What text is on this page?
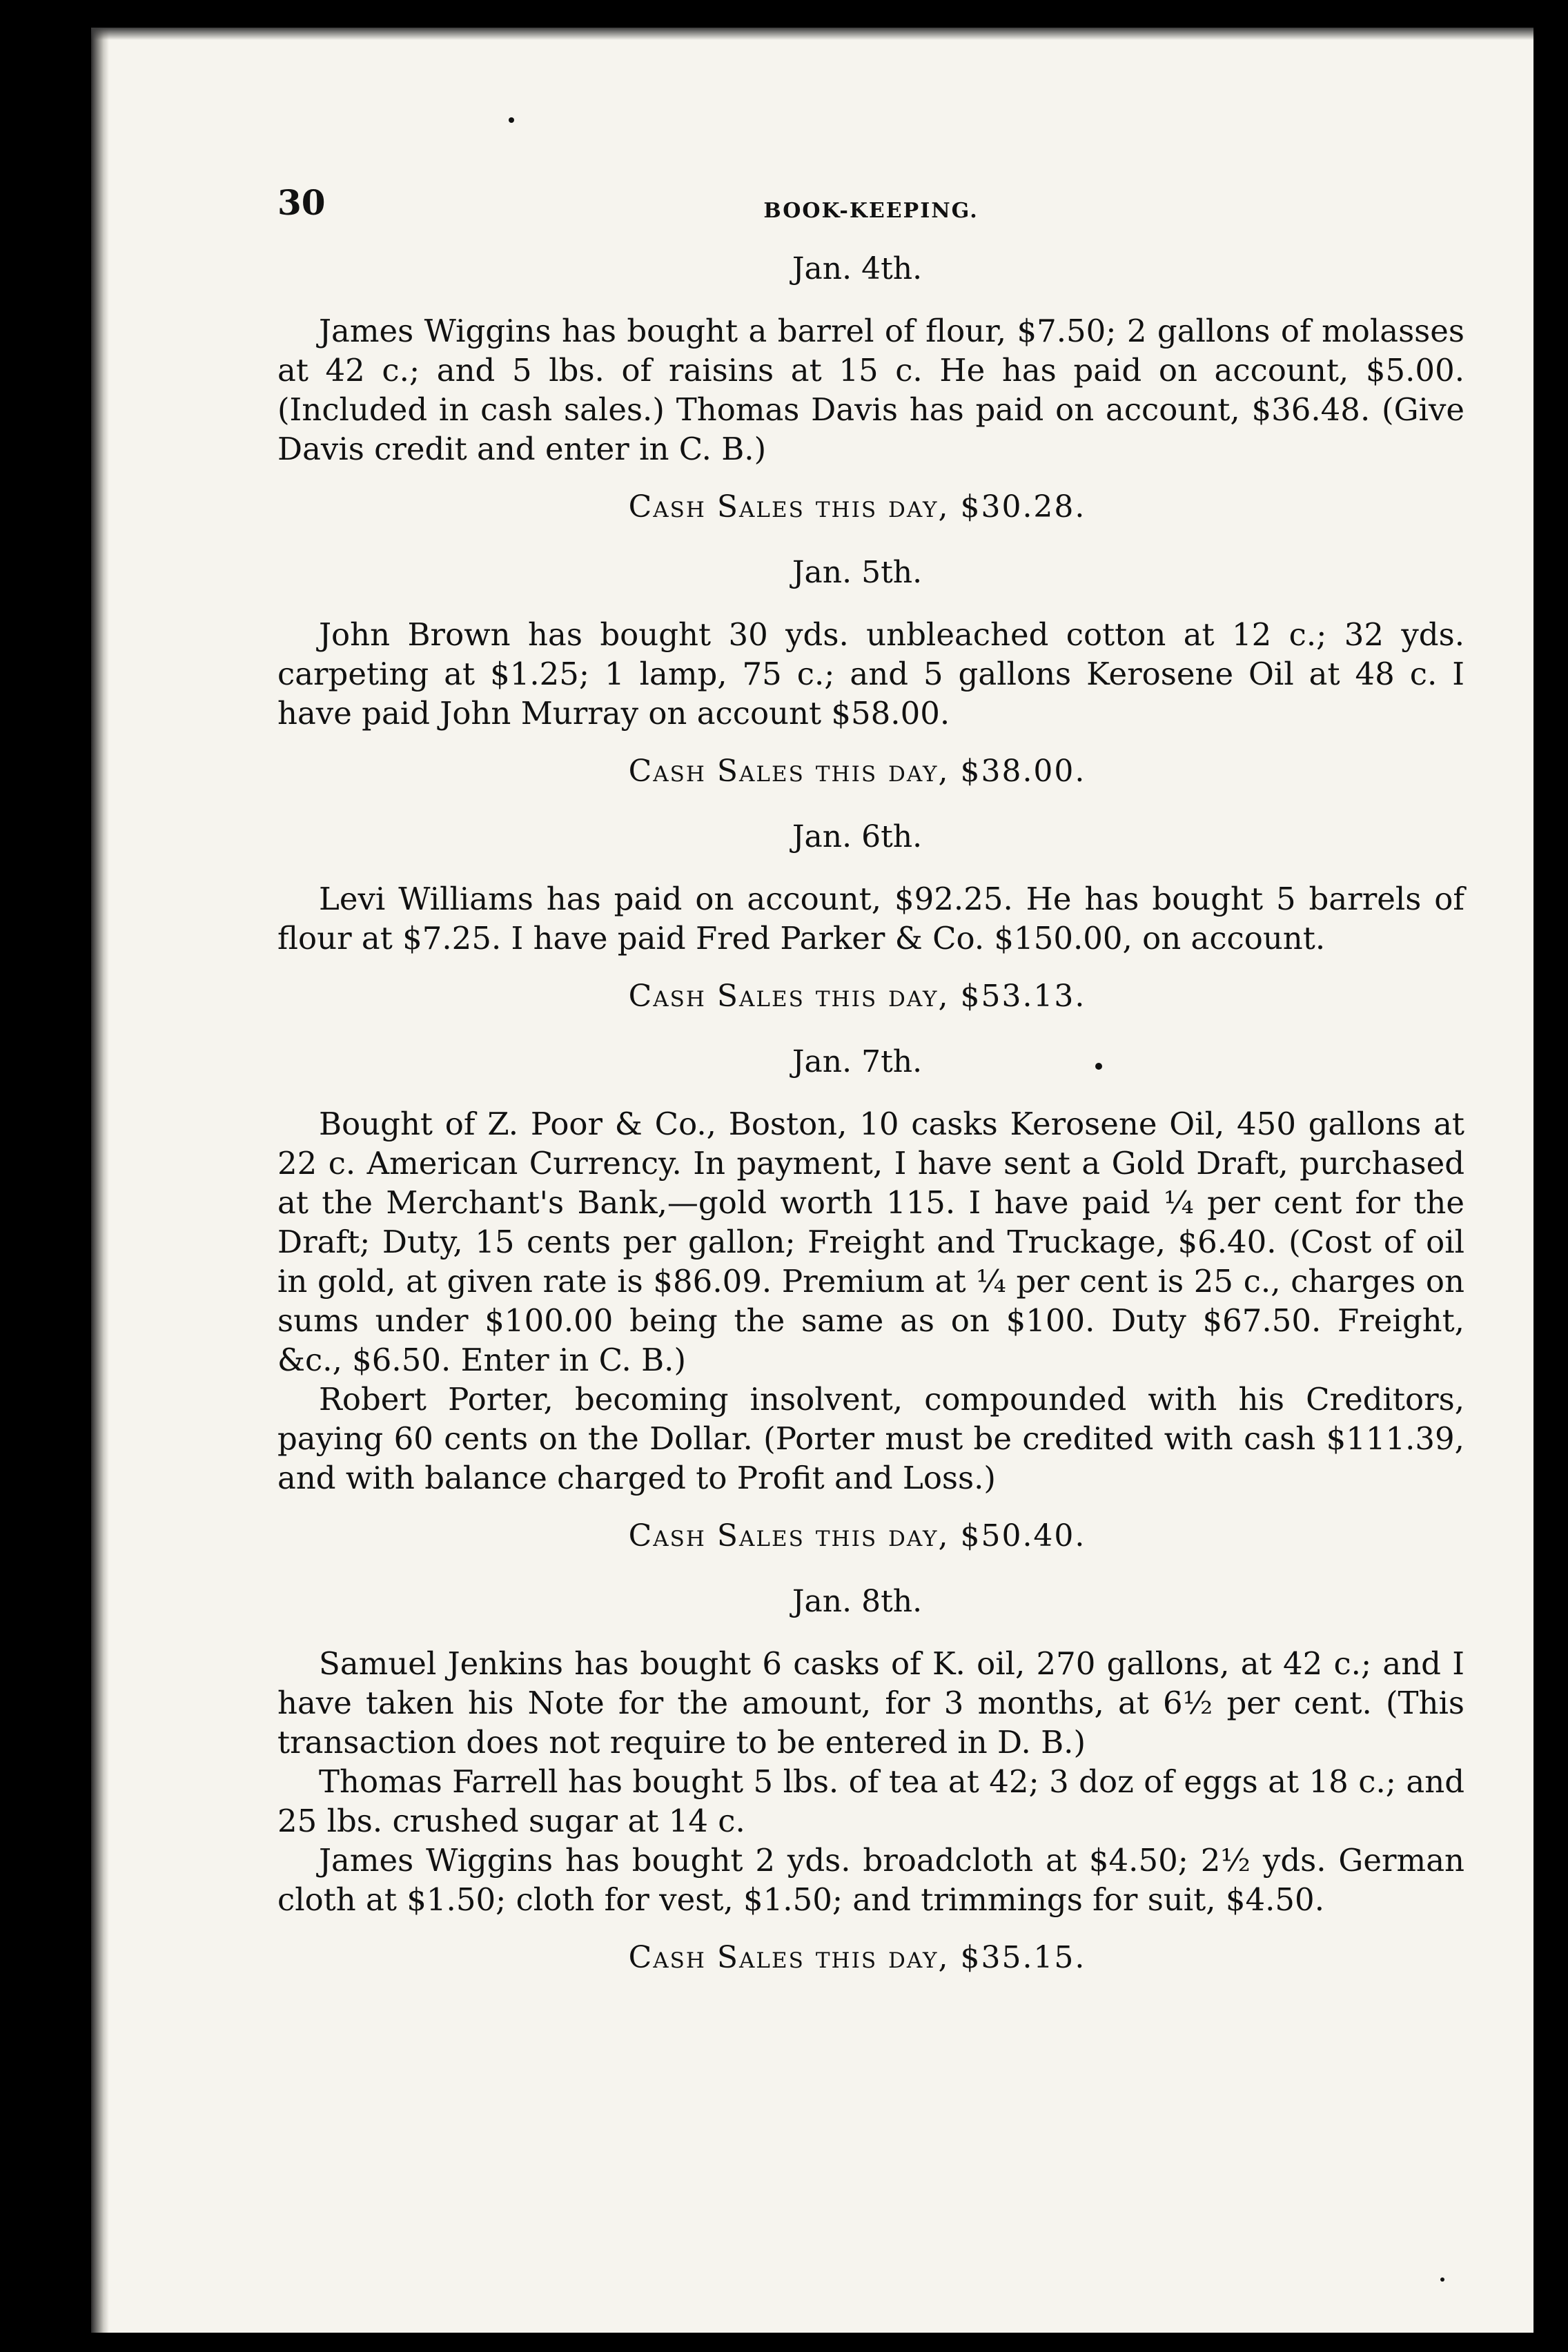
30	BOOK-KEEPING.
Jan. 4th.

James Wiggins has bought a barrel of flour, $7.50; 2 gallons of molasses at 42 c.; and 5 lbs. of raisins at 15 c. He has paid on account, $5.00. (Included in cash sales.) Thomas Davis has paid on account, $36.48. (Give Davis credit and enter in C. B.)

Cash Sales this day, $30.28.
Jan. 5th.

John Brown has bought 30 yds. unbleached cotton at 12 c.; 32 yds. carpeting at $1.25; 1 lamp, 75 c.; and 5 gallons Kerosene Oil at 48 c. I have paid John Murray on account $58.00.

Cash Sales this day, $38.00.
Jan. 6th.

Levi Williams has paid on account, $92.25. He has bought 5 barrels of flour at $7.25. I have paid Fred Parker & Co. $150.00, on account.

Cash Sales this day, $53.13.
Jan. 7th.

Bought of Z. Poor & Co., Boston, 10 casks Kerosene Oil, 450 gallons at 22 c. American Currency. In payment, I have sent a Gold Draft, purchased at the Merchant's Bank,—gold worth 115. I have paid ¼ per cent for the Draft; Duty, 15 cents per gallon; Freight and Truckage, $6.40. (Cost of oil in gold, at given rate is $86.09. Premium at ¼ per cent is 25 c., charges on sums under $100.00 being the same as on $100. Duty $67.50. Freight, &c., $6.50. Enter in C. B.)

Robert Porter, becoming insolvent, compounded with his Creditors, paying 60 cents on the Dollar. (Porter must be credited with cash $111.39, and with balance charged to Profit and Loss.)

Cash Sales this day, $50.40.
Jan. 8th.

Samuel Jenkins has bought 6 casks of K. oil, 270 gallons, at 42 c.; and I have taken his Note for the amount, for 3 months, at 6½ per cent. (This transaction does not require to be entered in D. B.)

Thomas Farrell has bought 5 lbs. of tea at 42; 3 doz of eggs at 18 c.; and 25 lbs. crushed sugar at 14 c.

James Wiggins has bought 2 yds. broadcloth at $4.50; 2½ yds. German cloth at $1.50; cloth for vest, $1.50; and trimmings for suit, $4.50.

Cash Sales this day, $35.15.
